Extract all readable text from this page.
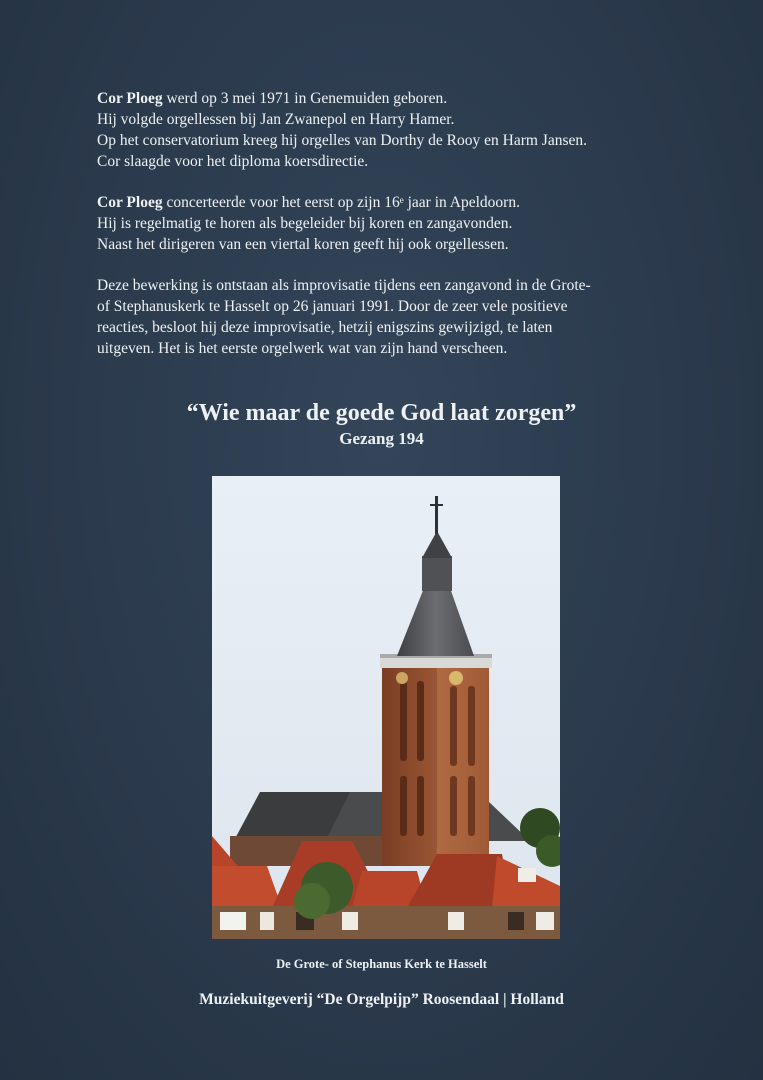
Cor Ploeg werd op 3 mei 1971 in Genemuiden geboren.
Hij volgde orgellessen bij Jan Zwanepol en Harry Hamer.
Op het conservatorium kreeg hij orgelles van Dorthy de Rooy en Harm Jansen.
Cor slaagde voor het diploma koersdirectie.

Cor Ploeg concerteerde voor het eerst op zijn 16e jaar in Apeldoorn.
Hij is regelmatig te horen als begeleider bij koren en zangavonden.
Naast het dirigeren van een viertal koren geeft hij ook orgellessen.

Deze bewerking is ontstaan als improvisatie tijdens een zangavond in de Grote-
of Stephanuskerk te Hasselt op 26 januari 1991. Door de zeer vele positieve
reacties, besloot hij deze improvisatie, hetzij enigszins gewijzigd, te laten
uitgeven. Het is het eerste orgelwerk wat van zijn hand verscheen.

“Wie maar de goede God laat zorgen”
Gezang 194
De Grote- of Stephanus Kerk te Hasselt
Muziekuitgeverij “De Orgelpijp” Roosendaal | Holland
